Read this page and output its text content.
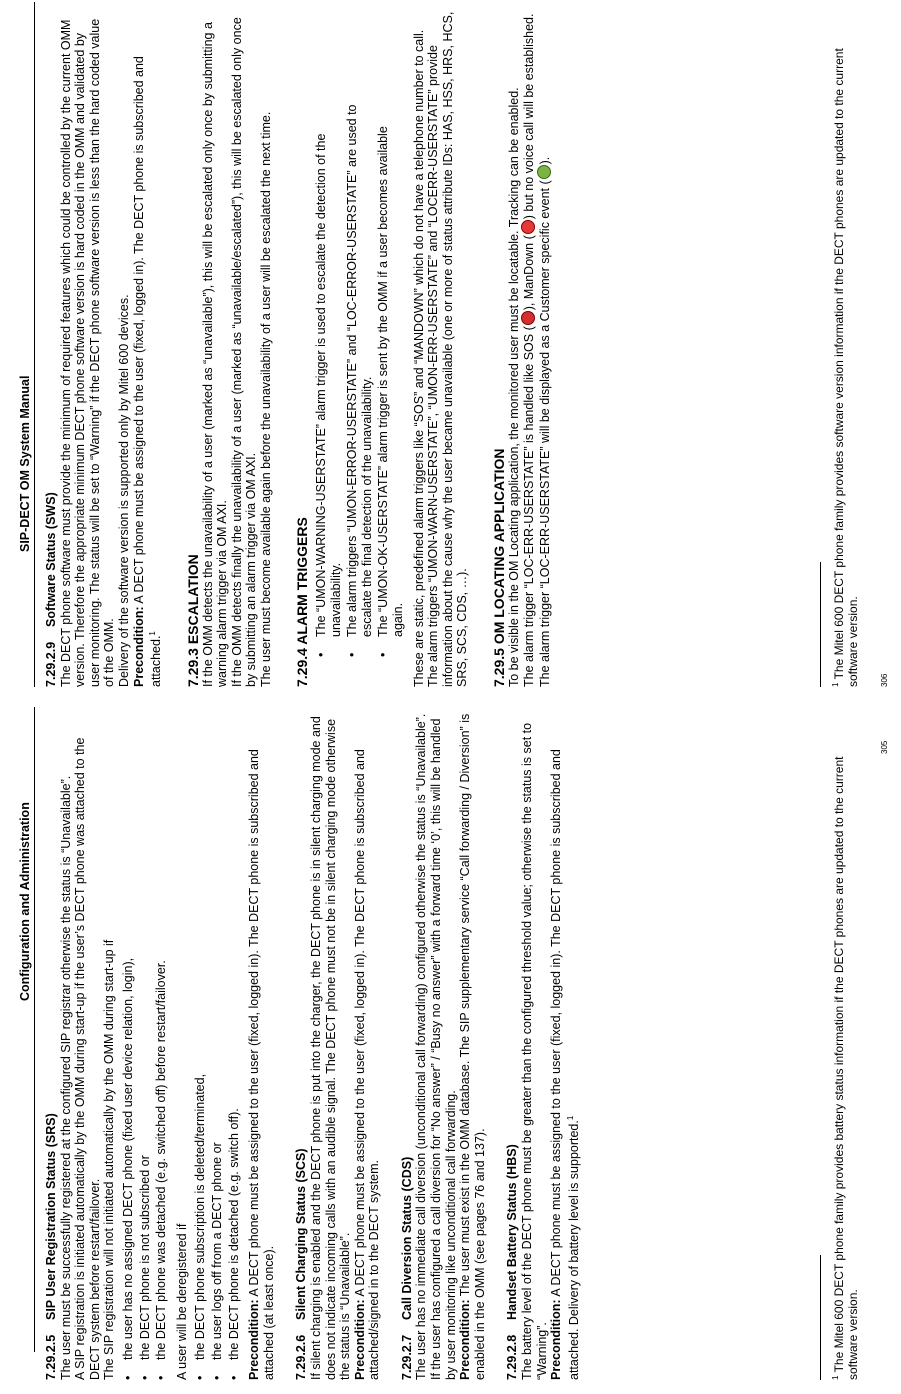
Configuration and Administration

7.29.2.5SIP User Registration Status (SRS) The user must be successfully registered at the configured SIP registrar otherwise the status is “Unavailable”. A SIP registration is initiated automatically by the OMM during start-up if the user’s DECT phone was attached to the DECT system before restart/failover. The SIP registration will not initiated automatically by the OMM during start-up if •
the user has no assigned DECT phone (fixed user device relation, login),
•
the DECT phone is not subscribed or
•
the DECT phone was detached (e.g. switched off) before restart/failover. A user will be deregistered if •
the DECT phone subscription is deleted/terminated,
•
the user logs off from a DECT phone or
•
the DECT phone is detached (e.g. switch off). Precondition: A DECT phone must be assigned to the user (fixed, logged in). The DECT phone is subscribed and attached (at least once). 7.29.2.6Silent Charging Status (SCS) If silent charging is enabled and the DECT phone is put into the charger, the DECT phone is in silent charging mode and does not indicate incoming calls with an audible signal. The DECT phone must not be in silent charging mode otherwise the status is “Unavailable”. Precondition: A DECT phone must be assigned to the user (fixed, logged in). The DECT phone is subscribed and attached/signed in to the DECT system. 7.29.2.7Call Diversion Status (CDS) The user has no immediate call diversion (unconditional call forwarding) configured otherwise the status is “Unavailable”. If the user has configured a call diversion for “No answer” / “Busy no answer” with a forward time ‘0’, this will be handled by user monitoring like unconditional call forwarding. Precondition: The user must exist in the OMM database. The SIP supplementary service “Call forwarding / Diversion” is enabled in the OMM (see pages 76 and 137). 7.29.2.8Handset Battery Status (HBS) The battery level of the DECT phone must be greater than the configured threshold value; otherwise the status is set to “Warning”. Precondition: A DECT phone must be assigned to the user (fixed, logged in). The DECT phone is subscribed and attached. Delivery of battery level is supported.$^1$

$^1$ The Mitel 600 DECT phone family provides battery status information if the DECT phones are updated to the current software version.
305
SIP-DECT OM System Manual

7.29.2.9Software Status (SWS) The DECT phone software must provide the minimum of required features which could be controlled by the current OMM version. Therefore the appropriate minimum DECT phone software version is hard coded in the OMM and validated by user monitoring. The status will be set to “Warning” if the DECT phone software version is less than the hard coded value of the OMM. Delivery of the software version is supported only by Mitel 600 devices. Precondition: A DECT phone must be assigned to the user (fixed, logged in). The DECT phone is subscribed and attached.$^1$	7.29.3 ESCALATION If the OMM detects the unavailability of a user (marked as “unavailable”), this will be escalated only once by submitting a warning alarm trigger via OM AXI. If the OMM detects finally the unavailability of a user (marked as “unavailable/escalated”), this will be escalated only once by submitting an alarm trigger via OM AXI. The user must become available again before the unavailability of a user will be escalated the next time. 7.29.4 ALARM TRIGGERS •
The “UMON-WARNING-USERSTATE” alarm trigger is used to escalate the detection of the unavailability.
•
The alarm triggers “UMON-ERROR-USERSTATE” and “LOC-ERROR-USERSTATE” are used to escalate the final detection of the unavailability.
•
The “UMON-OK-USERSTATE” alarm trigger is sent by the OMM if a user becomes available again. These are static, predefined alarm triggers like “SOS” and “MANDOWN” which do not have a telephone number to call. The alarm triggers “UMON-WARN-USERSTATE”, “UMON-ERR-USERSTATE” and “LOCERR-USERSTATE” provide information about the cause why the user became unavailable (one or more of status attribute IDs: HAS, HSS, HRS, HCS, SRS, SCS, CDS, …). 7.29.5 OM LOCATING APPLICATION To be visible in the OM Locating application, the monitored user must be locatable. Tracking can be enabled. The alarm trigger “LOC-ERR-USERSTATE” is handled like SOS (), ManDown () but no voice call will be established.

The alarm trigger “LOC-ERR-USERSTATE” will be displayed as a Customer specific event ().

$^1$ The Mitel 600 DECT phone family provides software version information if the DECT phones are updated to the current software version.	306
